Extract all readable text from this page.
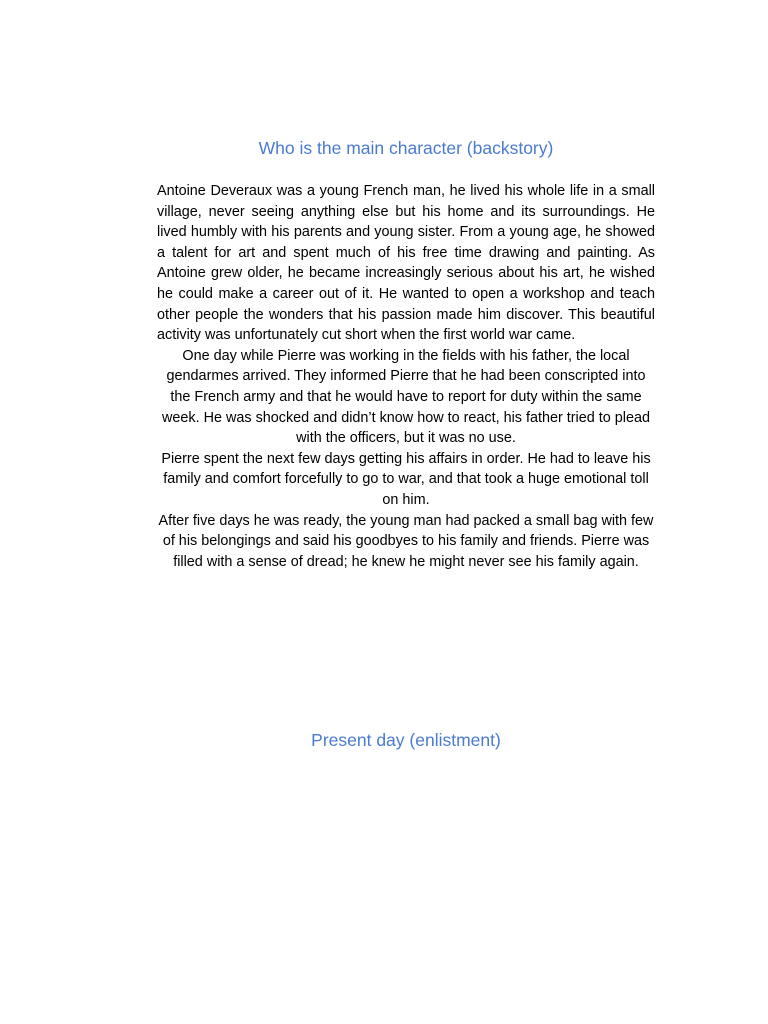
Who is the main character (backstory)

Antoine Deveraux was a young French man, he lived his whole life in a small village, never seeing anything else but his home and its surroundings. He lived humbly with his parents and young sister. From a young age, he showed a talent for art and spent much of his free time drawing and painting. As Antoine grew older, he became increasingly serious about his art, he wished he could make a career out of it. He wanted to open a workshop and teach other people the wonders that his passion made him discover. This beautiful activity was unfortunately cut short when the first world war came.

One day while Pierre was working in the fields with his father, the local gendarmes arrived. They informed Pierre that he had been conscripted into the French army and that he would have to report for duty within the same week. He was shocked and didn’t know how to react, his father tried to plead with the officers, but it was no use.

Pierre spent the next few days getting his affairs in order. He had to leave his family and comfort forcefully to go to war, and that took a huge emotional toll on him.

After five days he was ready, the young man had packed a small bag with few of his belongings and said his goodbyes to his family and friends. Pierre was filled with a sense of dread; he knew he might never see his family again.

Present day (enlistment)
